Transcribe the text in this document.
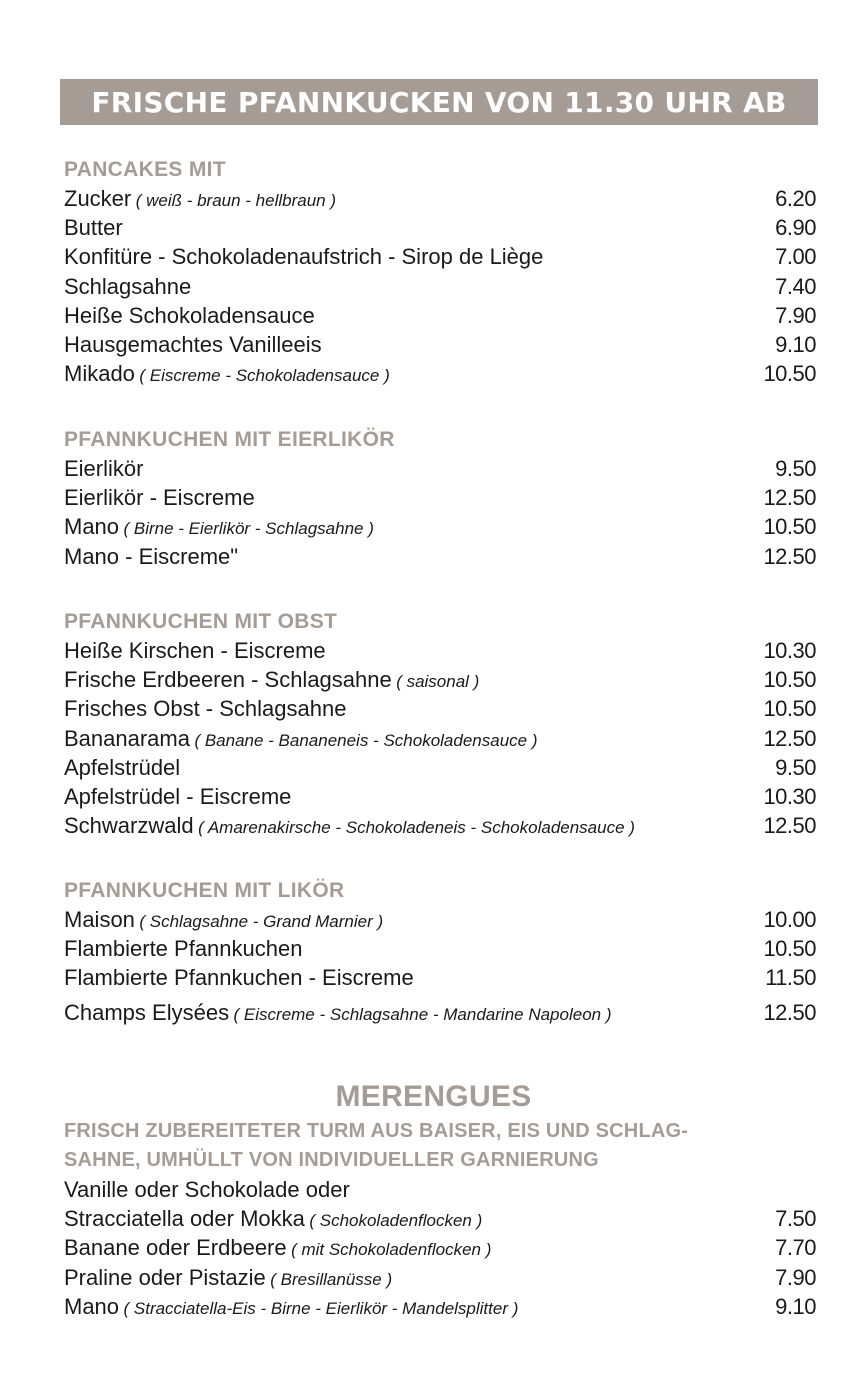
FRISCHE PFANNKUCKEN VON 11.30 UHR AB
PANCAKES MIT
Zucker ( weiß - braun - hellbraun )	6.20
Butter	6.90
Konfitüre - Schokoladenaufstrich - Sirop de Liège	7.00
Schlagsahne	7.40
Heiße Schokoladensauce	7.90
Hausgemachtes Vanilleeis	9.10
Mikado ( Eiscreme - Schokoladensauce )	10.50
PFANNKUCHEN MIT EIERLIKÖR
Eierlikör	9.50
Eierlikör - Eiscreme	12.50
Mano ( Birne - Eierlikör - Schlagsahne )	10.50
Mano - Eiscreme"	12.50
PFANNKUCHEN MIT OBST
Heiße Kirschen - Eiscreme	10.30
Frische Erdbeeren - Schlagsahne ( saisonal )	10.50
Frisches Obst - Schlagsahne	10.50
Bananarama ( Banane - Bananeneis - Schokoladensauce )	12.50
Apfelstrüdel	9.50
Apfelstrüdel - Eiscreme	10.30
Schwarzwald ( Amarenakirsche - Schokoladeneis - Schokoladensauce )	12.50
PFANNKUCHEN MIT LIKÖR
Maison ( Schlagsahne - Grand Marnier )	10.00
Flambierte Pfannkuchen	10.50
Flambierte Pfannkuchen - Eiscreme	11.50
Champs Elysées ( Eiscreme - Schlagsahne - Mandarine Napoleon )	12.50
MERENGUES
FRISCH ZUBEREITETER TURM AUS BAISER, EIS UND SCHLAG-
SAHNE, UMHÜLLT VON INDIVIDUELLER GARNIERUNG
Vanille oder Schokolade oder
Stracciatella oder Mokka ( Schokoladenflocken )	7.50
Banane oder Erdbeere ( mit Schokoladenflocken )	7.70
Praline oder Pistazie ( Bresillanüsse )	7.90
Mano ( Stracciatella-Eis - Birne - Eierlikör - Mandelsplitter )	9.10
